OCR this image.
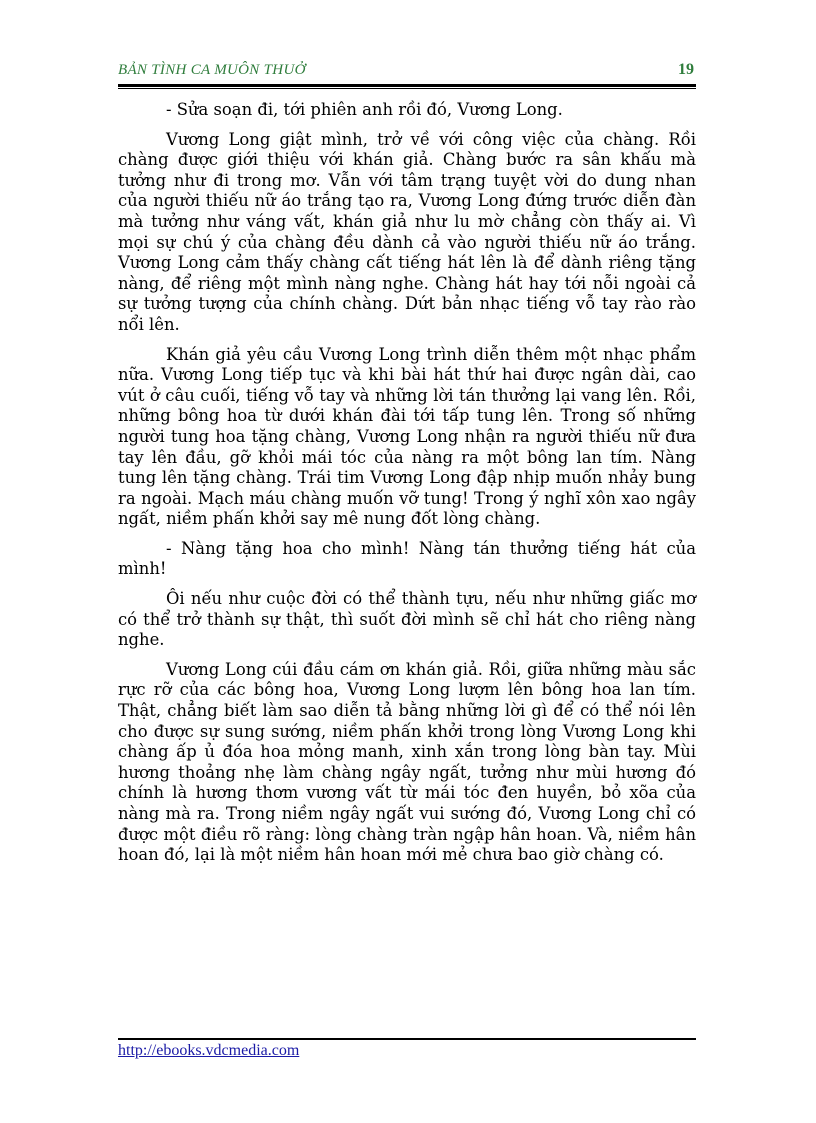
BẢN TÌNH CA MUÔN THUỞ	19

- Sửa soạn đi, tới phiên anh rồi đó, Vương Long.

Vương Long giật mình, trở về với công việc của chàng. Rồi chàng được giới thiệu với khán giả. Chàng bước ra sân khấu mà tưởng như đi trong mơ. Vẫn với tâm trạng tuyệt vời do dung nhan của người thiếu nữ áo trắng tạo ra, Vương Long đứng trước diễn đàn mà tưởng như váng vất, khán giả như lu mờ chẳng còn thấy ai. Vì mọi sự chú ý của chàng đều dành cả vào người thiếu nữ áo trắng. Vương Long cảm thấy chàng cất tiếng hát lên là để dành riêng tặng nàng, để riêng một mình nàng nghe. Chàng hát hay tới nỗi ngoài cả sự tưởng tượng của chính chàng. Dứt bản nhạc tiếng vỗ tay rào rào nổi lên.

Khán giả yêu cầu Vương Long trình diễn thêm một nhạc phẩm nữa. Vương Long tiếp tục và khi bài hát thứ hai được ngân dài, cao vút ở câu cuối, tiếng vỗ tay và những lời tán thưởng lại vang lên. Rồi, những bông hoa từ dưới khán đài tới tấp tung lên. Trong số những người tung hoa tặng chàng, Vương Long nhận ra người thiếu nữ đưa tay lên đầu, gỡ khỏi mái tóc của nàng ra một bông lan tím. Nàng tung lên tặng chàng. Trái tim Vương Long đập nhịp muốn nhảy bung ra ngoài. Mạch máu chàng muốn vỡ tung! Trong ý nghĩ xôn xao ngây ngất, niềm phấn khởi say mê nung đốt lòng chàng.

- Nàng tặng hoa cho mình! Nàng tán thưởng tiếng hát của mình!

Ôi nếu như cuộc đời có thể thành tựu, nếu như những giấc mơ có thể trở thành sự thật, thì suốt đời mình sẽ chỉ hát cho riêng nàng nghe.

Vương Long cúi đầu cám ơn khán giả. Rồi, giữa những màu sắc rực rỡ của các bông hoa, Vương Long lượm lên bông hoa lan tím. Thật, chẳng biết làm sao diễn tả bằng những lời gì để có thể nói lên cho được sự sung sướng, niềm phấn khởi trong lòng Vương Long khi chàng ấp ủ đóa hoa mỏng manh, xinh xắn trong lòng bàn tay. Mùi hương thoảng nhẹ làm chàng ngây ngất, tưởng như mùi hương đó chính là hương thơm vương vất từ mái tóc đen huyền, bỏ xõa của nàng mà ra. Trong niềm ngây ngất vui sướng đó, Vương Long chỉ có được một điều rõ ràng: lòng chàng tràn ngập hân hoan. Và, niềm hân hoan đó, lại là một niềm hân hoan mới mẻ chưa bao giờ chàng có.

http://ebooks.vdcmedia.com
